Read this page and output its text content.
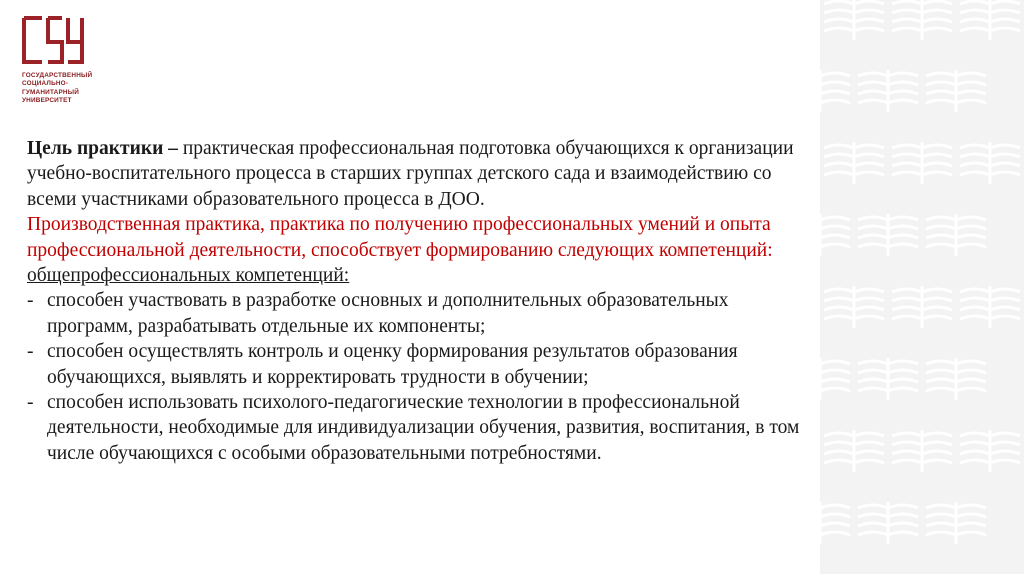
ГОСУДАРСТВЕННЫЙ
СОЦИАЛЬНО-
ГУМАНИТАРНЫЙ
УНИВЕРСИТЕТ

Цель практики – практическая профессиональная подготовка обучающихся к организации учебно-воспитательного процесса в старших группах детского сада и взаимодействию со всеми участниками образовательного процесса в ДОО.

Производственная практика, практика по получению профессиональных умений и опыта профессиональной деятельности, способствует формированию следующих компетенций:

общепрофессиональных компетенций:

- способен участвовать в разработке основных и дополнительных образовательных программ, разрабатывать отдельные их компоненты;

- способен осуществлять контроль и оценку формирования результатов образования обучающихся, выявлять и корректировать трудности в обучении;

- способен использовать психолого-педагогические технологии в профессиональной деятельности, необходимые для индивидуализации обучения, развития, воспитания, в том числе обучающихся с особыми образовательными потребностями.
